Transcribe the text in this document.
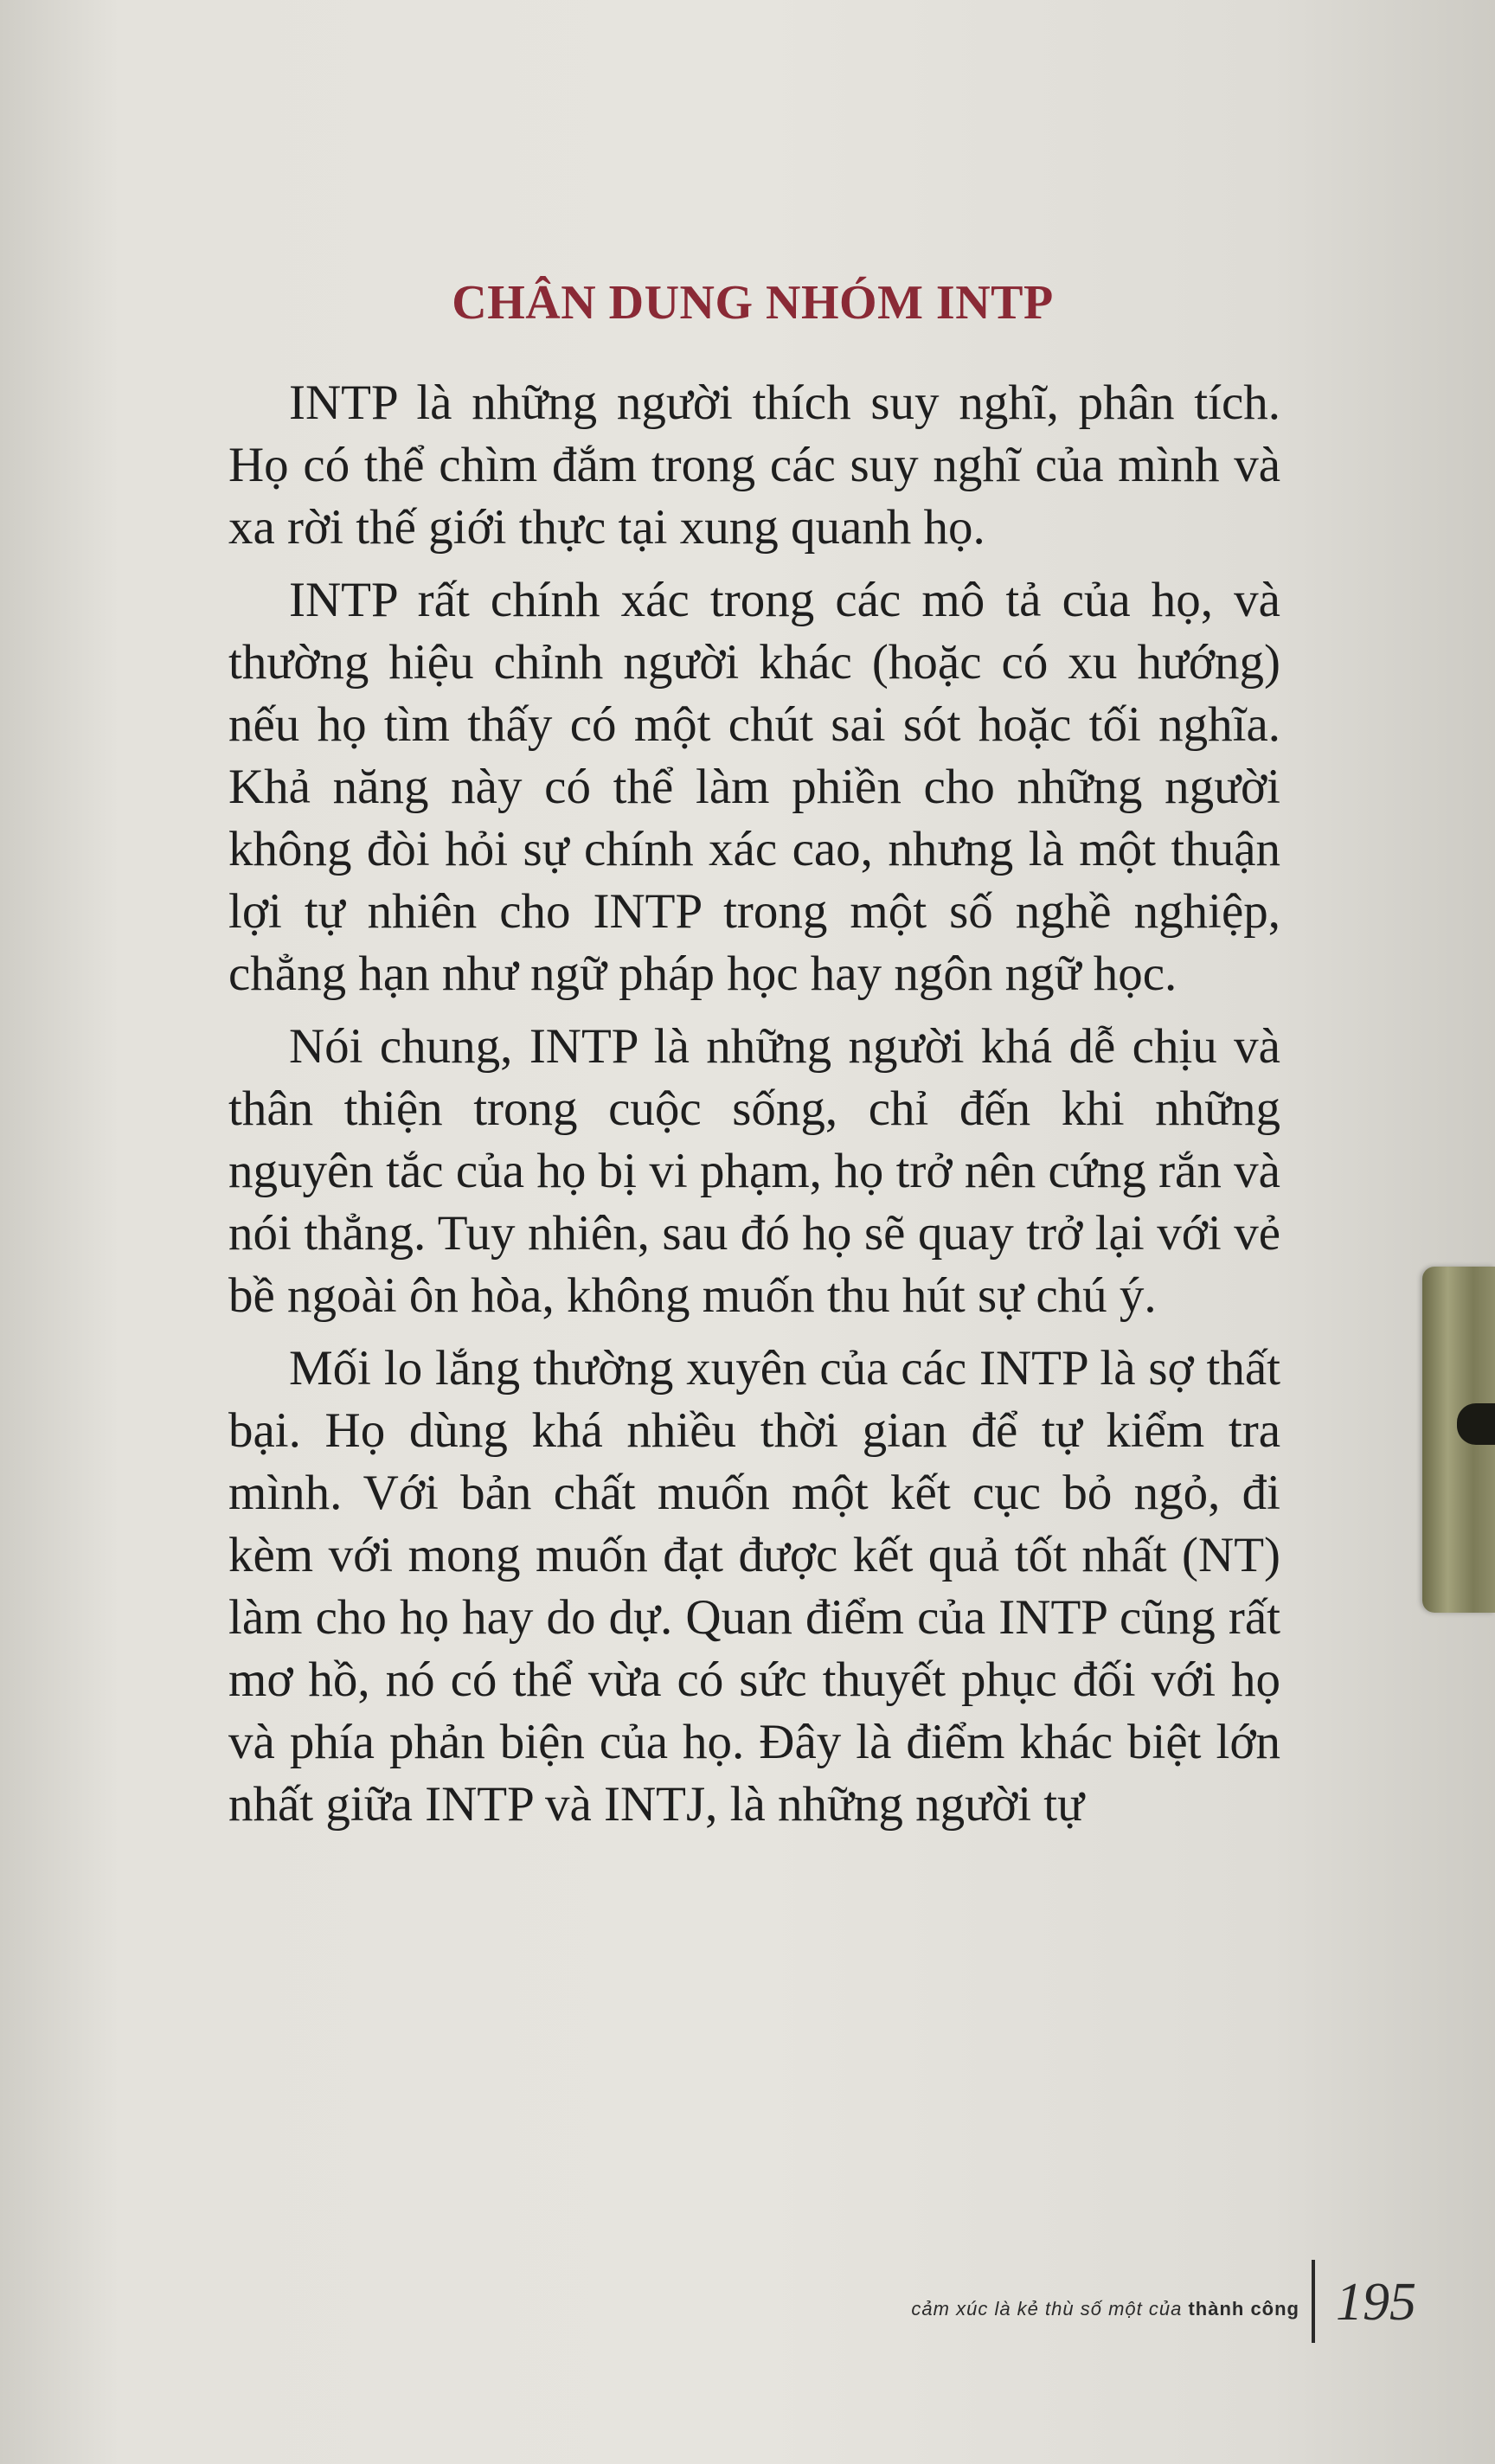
CHÂN DUNG NHÓM INTP

INTP là những người thích suy nghĩ, phân tích. Họ có thể chìm đắm trong các suy nghĩ của mình và xa rời thế giới thực tại xung quanh họ.

INTP rất chính xác trong các mô tả của họ, và thường hiệu chỉnh người khác (hoặc có xu hướng) nếu họ tìm thấy có một chút sai sót hoặc tối nghĩa. Khả năng này có thể làm phiền cho những người không đòi hỏi sự chính xác cao, nhưng là một thuận lợi tự nhiên cho INTP trong một số nghề nghiệp, chẳng hạn như ngữ pháp học hay ngôn ngữ học.

Nói chung, INTP là những người khá dễ chịu và thân thiện trong cuộc sống, chỉ đến khi những nguyên tắc của họ bị vi phạm, họ trở nên cứng rắn và nói thẳng. Tuy nhiên, sau đó họ sẽ quay trở lại với vẻ bề ngoài ôn hòa, không muốn thu hút sự chú ý.

Mối lo lắng thường xuyên của các INTP là sợ thất bại. Họ dùng khá nhiều thời gian để tự kiểm tra mình. Với bản chất muốn một kết cục bỏ ngỏ, đi kèm với mong muốn đạt được kết quả tốt nhất (NT) làm cho họ hay do dự. Quan điểm của INTP cũng rất mơ hồ, nó có thể vừa có sức thuyết phục đối với họ và phía phản biện của họ. Đây là điểm khác biệt lớn nhất giữa INTP và INTJ, là những người tự

cảm xúc là kẻ thù số một của thành công 195
